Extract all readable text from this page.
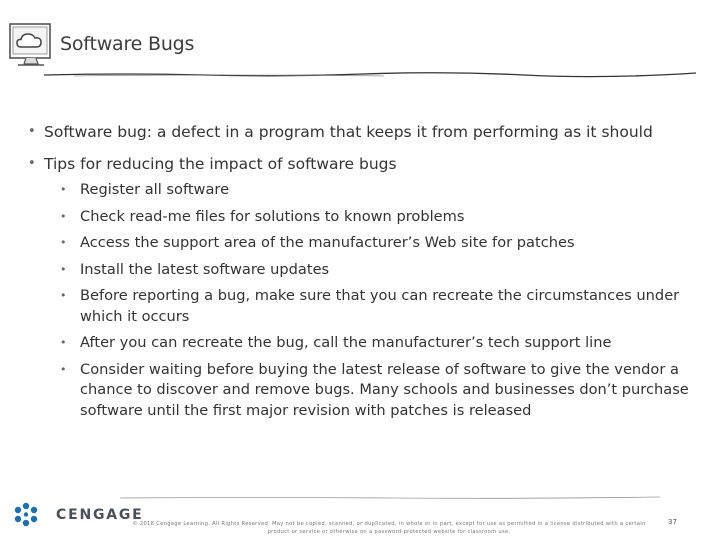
Software Bugs
• Software bug: a defect in a program that keeps it from performing as it should
• Tips for reducing the impact of software bugs
• Register all software
• Check read-me files for solutions to known problems
• Access the support area of the manufacturer’s Web site for patches
• Install the latest software updates
• Before reporting a bug, make sure that you can recreate the circumstances under which it occurs
• After you can recreate the bug, call the manufacturer’s tech support line
• Consider waiting before buying the latest release of software to give the vendor a chance to discover and remove bugs. Many schools and businesses don’t purchase software until the first major revision with patches is released
CENGAGE
© 2018 Cengage Learning. All Rights Reserved. May not be copied, scanned, or duplicated, in whole or in part, except for use as permitted in a license distributed with a certain product or service or otherwise on a password-protected website for classroom use.
37
